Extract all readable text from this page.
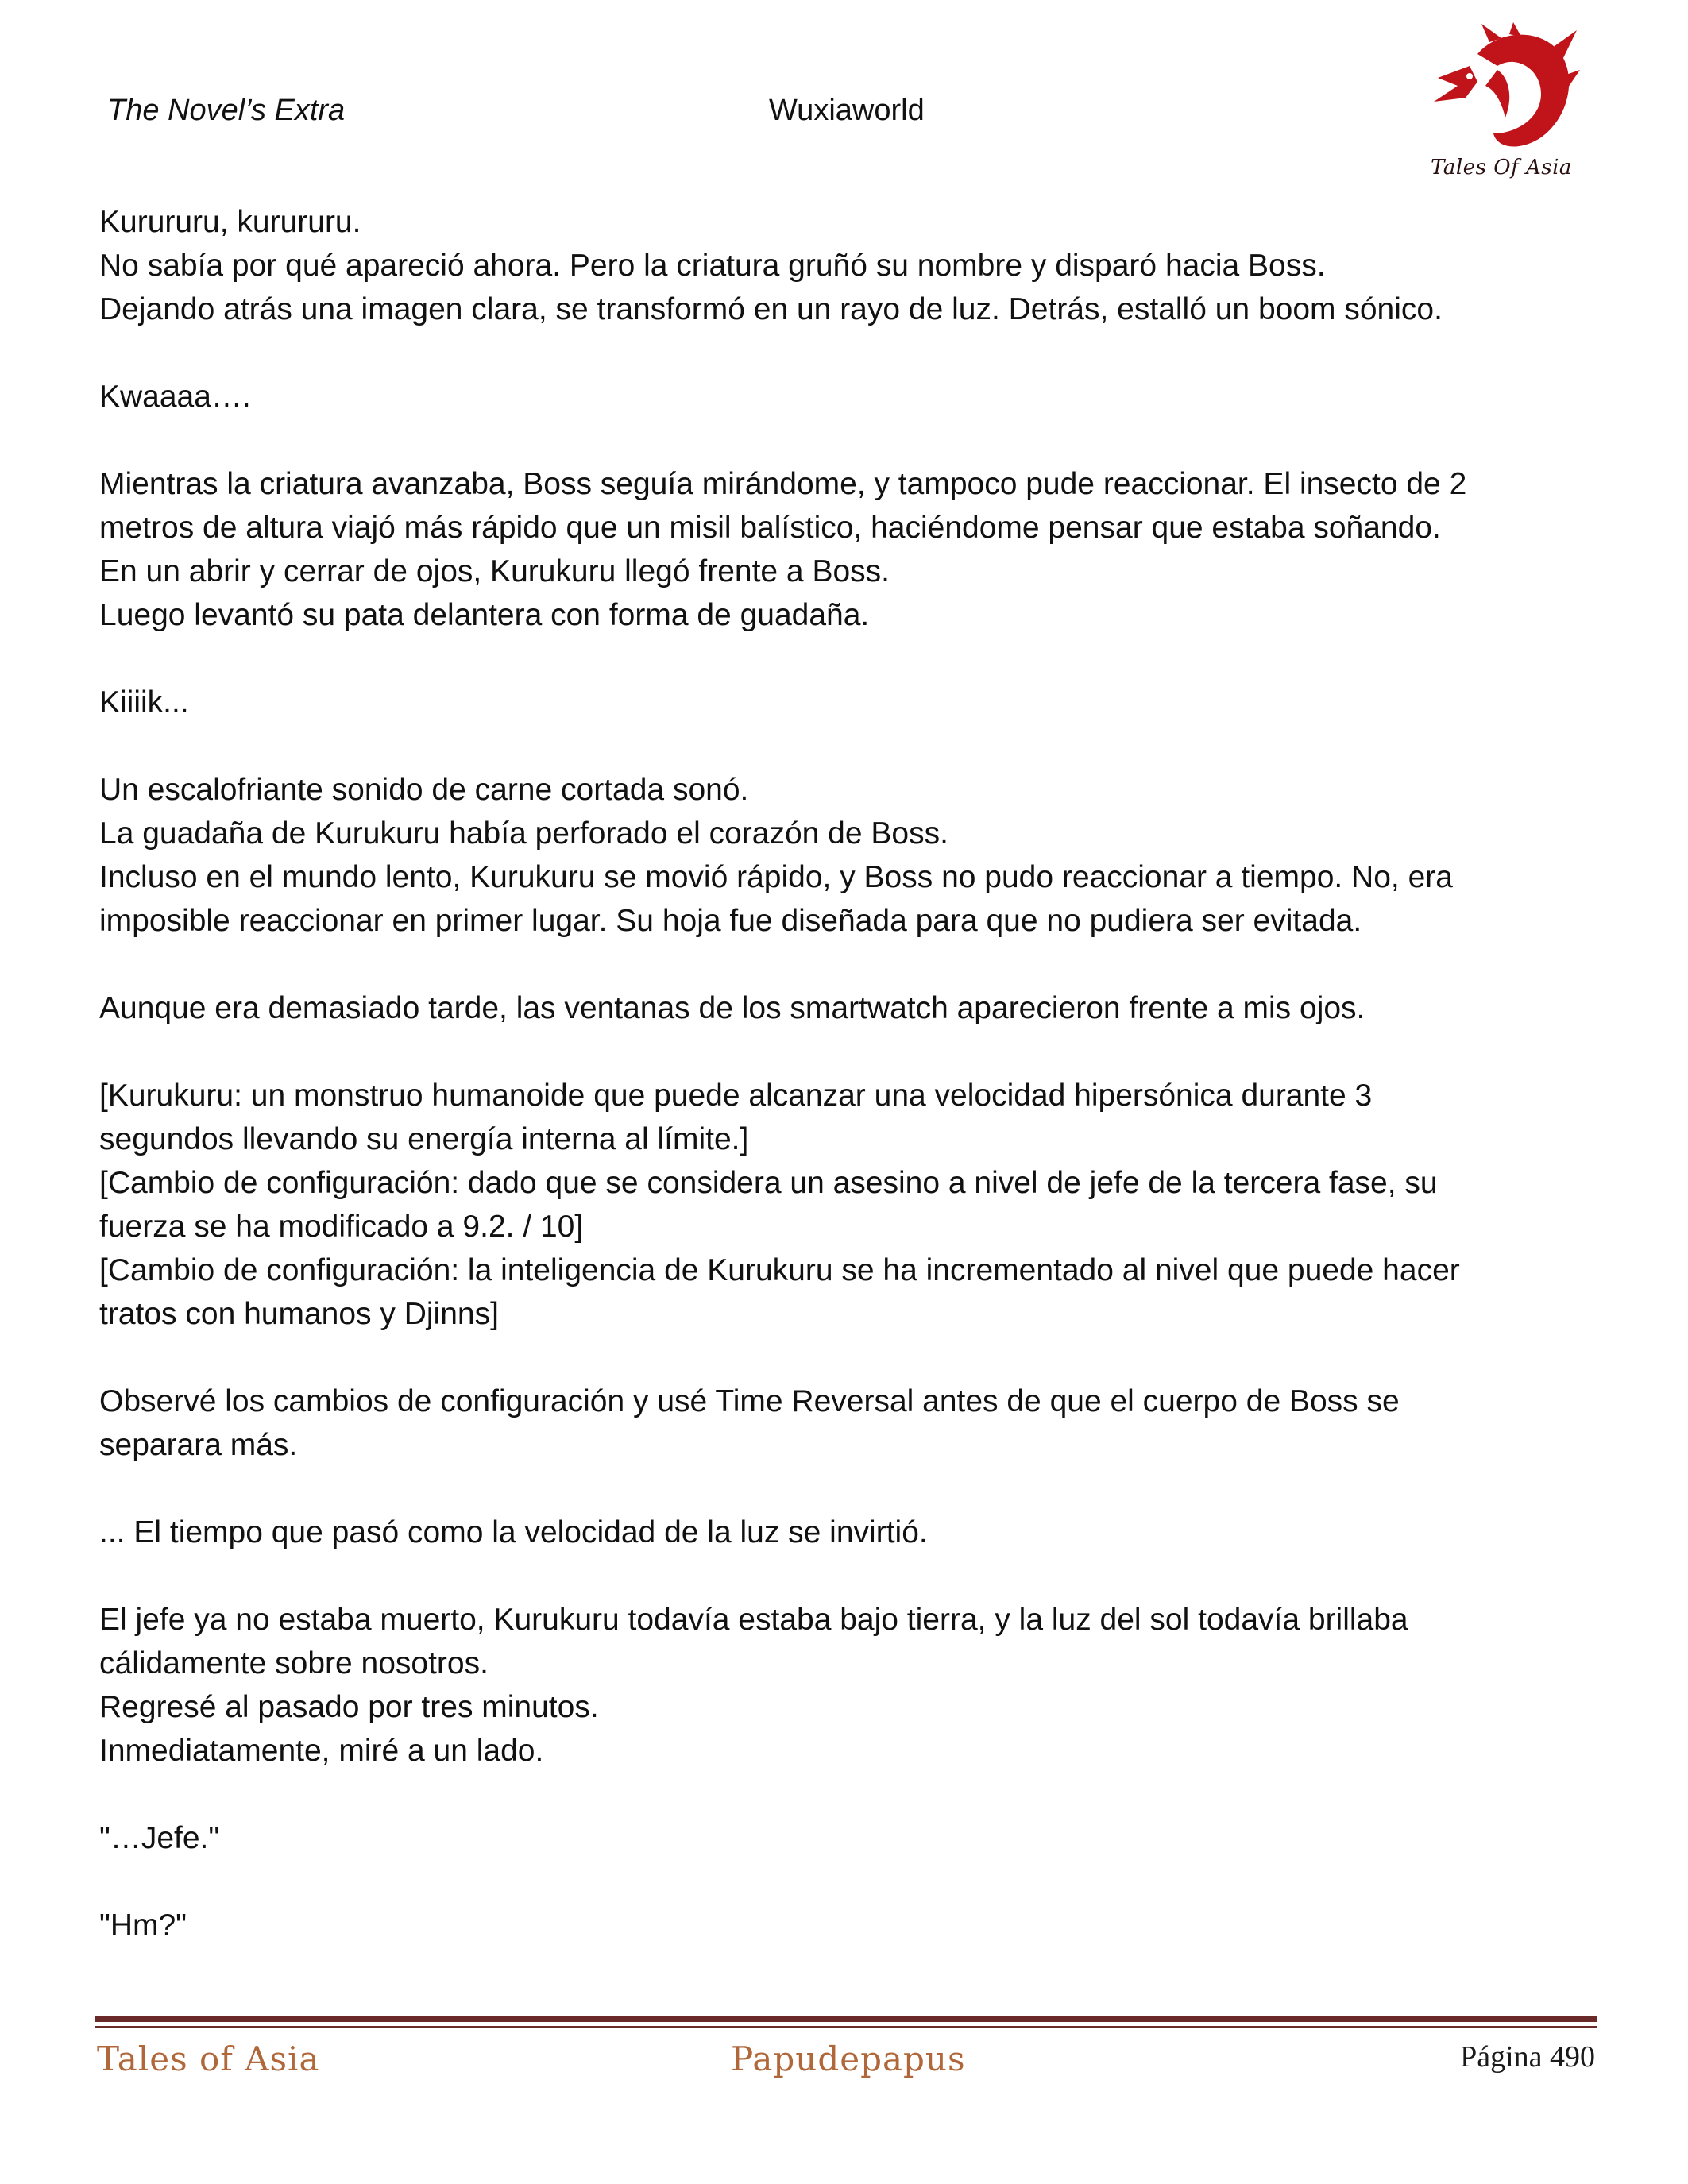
The Novel’s Extra	Wuxiaworld
Tales Of Asia
Kurururu, kurururu.
No sabía por qué apareció ahora. Pero la criatura gruñó su nombre y disparó hacia Boss.
Dejando atrás una imagen clara, se transformó en un rayo de luz. Detrás, estalló un boom sónico.
Kwaaaa….
Mientras la criatura avanzaba, Boss seguía mirándome, y tampoco pude reaccionar. El insecto de 2
metros de altura viajó más rápido que un misil balístico, haciéndome pensar que estaba soñando.
En un abrir y cerrar de ojos, Kurukuru llegó frente a Boss.
Luego levantó su pata delantera con forma de guadaña.
Kiiiik...
Un escalofriante sonido de carne cortada sonó.
La guadaña de Kurukuru había perforado el corazón de Boss.
Incluso en el mundo lento, Kurukuru se movió rápido, y Boss no pudo reaccionar a tiempo. No, era
imposible reaccionar en primer lugar. Su hoja fue diseñada para que no pudiera ser evitada.
Aunque era demasiado tarde, las ventanas de los smartwatch aparecieron frente a mis ojos.
[Kurukuru: un monstruo humanoide que puede alcanzar una velocidad hipersónica durante 3
segundos llevando su energía interna al límite.]
[Cambio de configuración: dado que se considera un asesino a nivel de jefe de la tercera fase, su
fuerza se ha modificado a 9.2. / 10]
[Cambio de configuración: la inteligencia de Kurukuru se ha incrementado al nivel que puede hacer
tratos con humanos y Djinns]
Observé los cambios de configuración y usé Time Reversal antes de que el cuerpo de Boss se
separara más.
... El tiempo que pasó como la velocidad de la luz se invirtió.
El jefe ya no estaba muerto, Kurukuru todavía estaba bajo tierra, y la luz del sol todavía brillaba
cálidamente sobre nosotros.
Regresé al pasado por tres minutos.
Inmediatamente, miré a un lado.
"…Jefe."
"Hm?"
Tales of Asia	Papudepapus	Página 490
